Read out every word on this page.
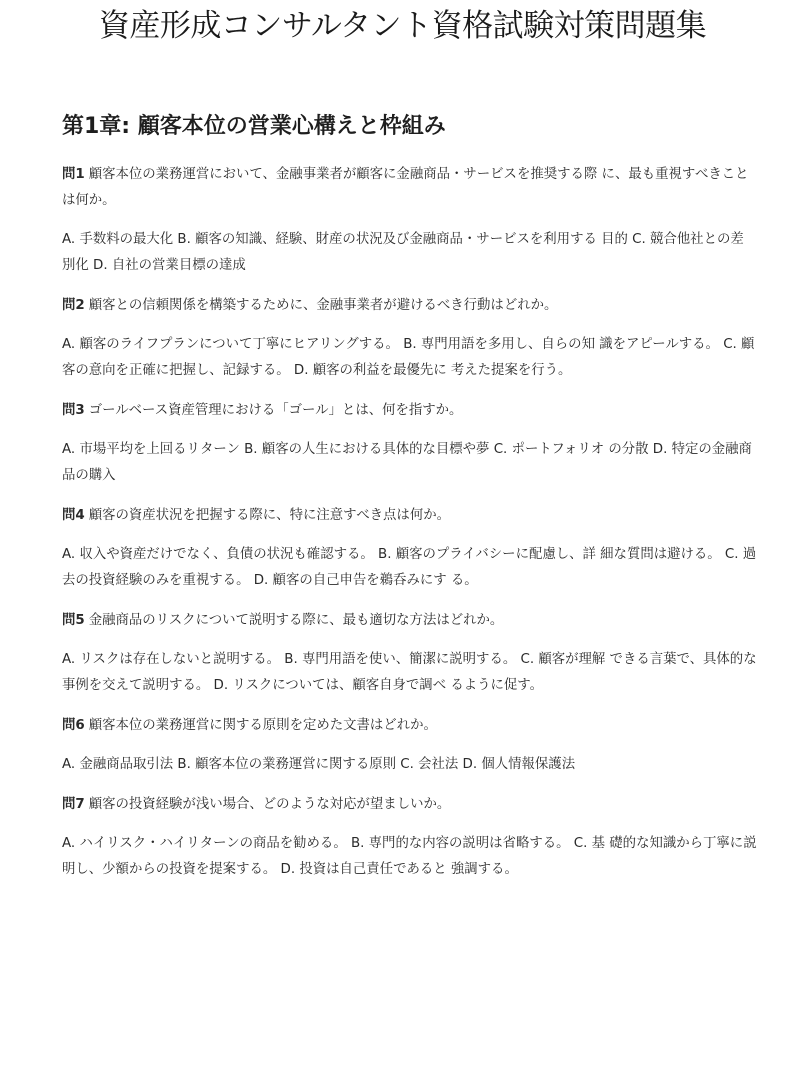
資産形成コンサルタント資格試験対策問題集
第1章: 顧客本位の営業心構えと枠組み

問1 顧客本位の業務運営において、金融事業者が顧客に金融商品・サービスを推奨する際 に、最も重視すべきことは何か。

A. 手数料の最大化 B. 顧客の知識、経験、財産の状況及び金融商品・サービスを利用する 目的 C. 競合他社との差別化 D. 自社の営業目標の達成

問2 顧客との信頼関係を構築するために、金融事業者が避けるべき行動はどれか。

A. 顧客のライフプランについて丁寧にヒアリングする。 B. 専門用語を多用し、自らの知 識をアピールする。 C. 顧客の意向を正確に把握し、記録する。 D. 顧客の利益を最優先に 考えた提案を行う。

問3 ゴールベース資産管理における「ゴール」とは、何を指すか。

A. 市場平均を上回るリターン B. 顧客の人生における具体的な目標や夢 C. ポートフォリオ の分散 D. 特定の金融商品の購入

問4 顧客の資産状況を把握する際に、特に注意すべき点は何か。

A. 収入や資産だけでなく、負債の状況も確認する。 B. 顧客のプライバシーに配慮し、詳 細な質問は避ける。 C. 過去の投資経験のみを重視する。 D. 顧客の自己申告を鵜呑みにす る。

問5 金融商品のリスクについて説明する際に、最も適切な方法はどれか。

A. リスクは存在しないと説明する。 B. 専門用語を使い、簡潔に説明する。 C. 顧客が理解 できる言葉で、具体的な事例を交えて説明する。 D. リスクについては、顧客自身で調べ るように促す。

問6 顧客本位の業務運営に関する原則を定めた文書はどれか。

A. 金融商品取引法 B. 顧客本位の業務運営に関する原則 C. 会社法 D. 個人情報保護法

問7 顧客の投資経験が浅い場合、どのような対応が望ましいか。

A. ハイリスク・ハイリターンの商品を勧める。 B. 専門的な内容の説明は省略する。 C. 基 礎的な知識から丁寧に説明し、少額からの投資を提案する。 D. 投資は自己責任であると 強調する。
